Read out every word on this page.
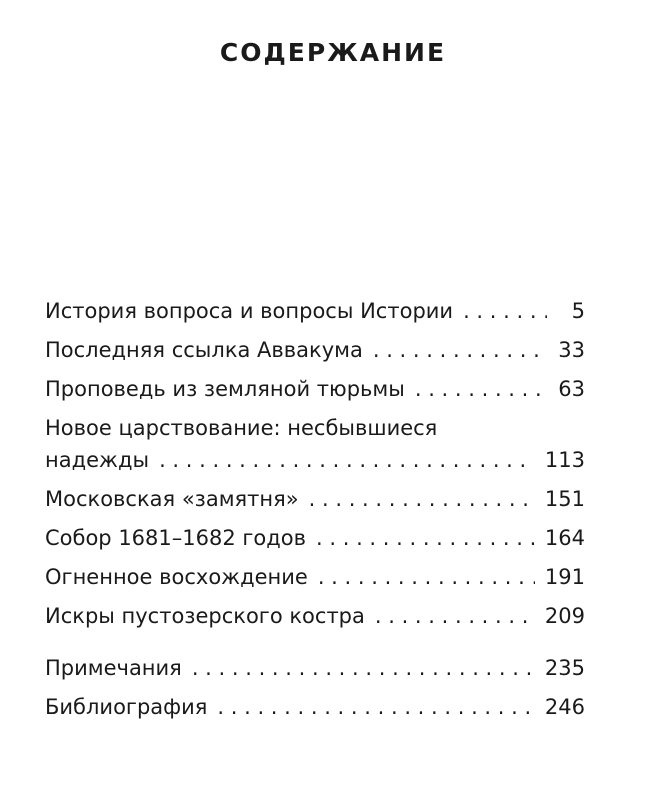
СОДЕРЖАНИЕ
История вопроса и вопросы Истории . . .	5
Последняя ссылка Аввакума . . .	33
Проповедь из земляной тюрьмы . . .	63
Новое царствование: несбывшиеся
надежды . . .	113
Московская «замятня» . . .	151
Собор 1681–1682 годов . . .	164
Огненное восхождение . . .	191
Искры пустозерского костра . . .	209
Примечания . . .	235
Библиография . . .	246
